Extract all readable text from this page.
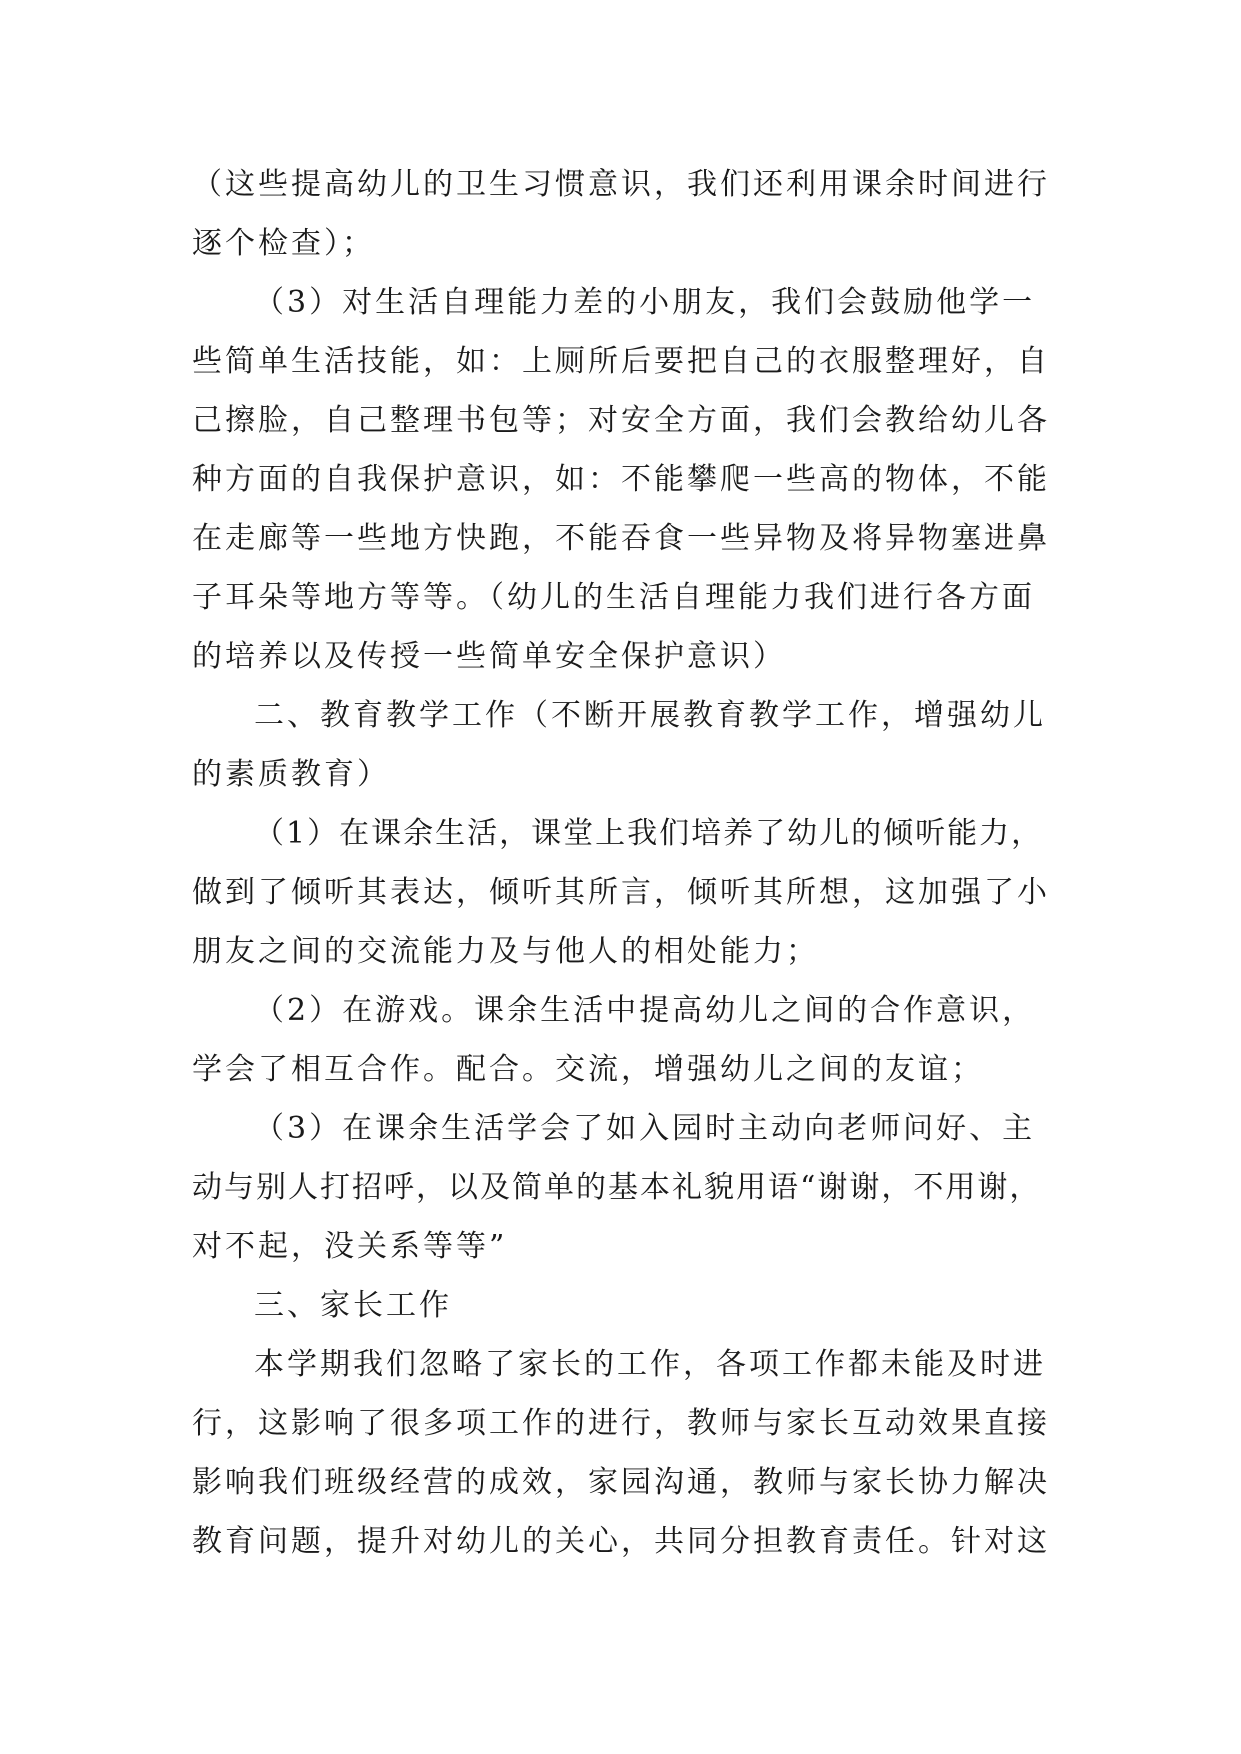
（这些提高幼儿的卫生习惯意识，我们还利用课余时间进行
逐个检查）；
（3）对生活自理能力差的小朋友，我们会鼓励他学一
些简单生活技能，如：上厕所后要把自己的衣服整理好，自
己擦脸，自己整理书包等；对安全方面，我们会教给幼儿各
种方面的自我保护意识，如：不能攀爬一些高的物体，不能
在走廊等一些地方快跑，不能吞食一些异物及将异物塞进鼻
子耳朵等地方等等。（幼儿的生活自理能力我们进行各方面
的培养以及传授一些简单安全保护意识）
二、教育教学工作（不断开展教育教学工作，增强幼儿
的素质教育）
（1）在课余生活，课堂上我们培养了幼儿的倾听能力，
做到了倾听其表达，倾听其所言，倾听其所想，这加强了小
朋友之间的交流能力及与他人的相处能力；
（2）在游戏。课余生活中提高幼儿之间的合作意识，
学会了相互合作。配合。交流，增强幼儿之间的友谊；
（3）在课余生活学会了如入园时主动向老师问好、主
动与别人打招呼，以及简单的基本礼貌用语“谢谢，不用谢，
对不起，没关系等等”
三、家长工作
本学期我们忽略了家长的工作，各项工作都未能及时进
行，这影响了很多项工作的进行，教师与家长互动效果直接
影响我们班级经营的成效，家园沟通，教师与家长协力解决
教育问题，提升对幼儿的关心，共同分担教育责任。针对这
